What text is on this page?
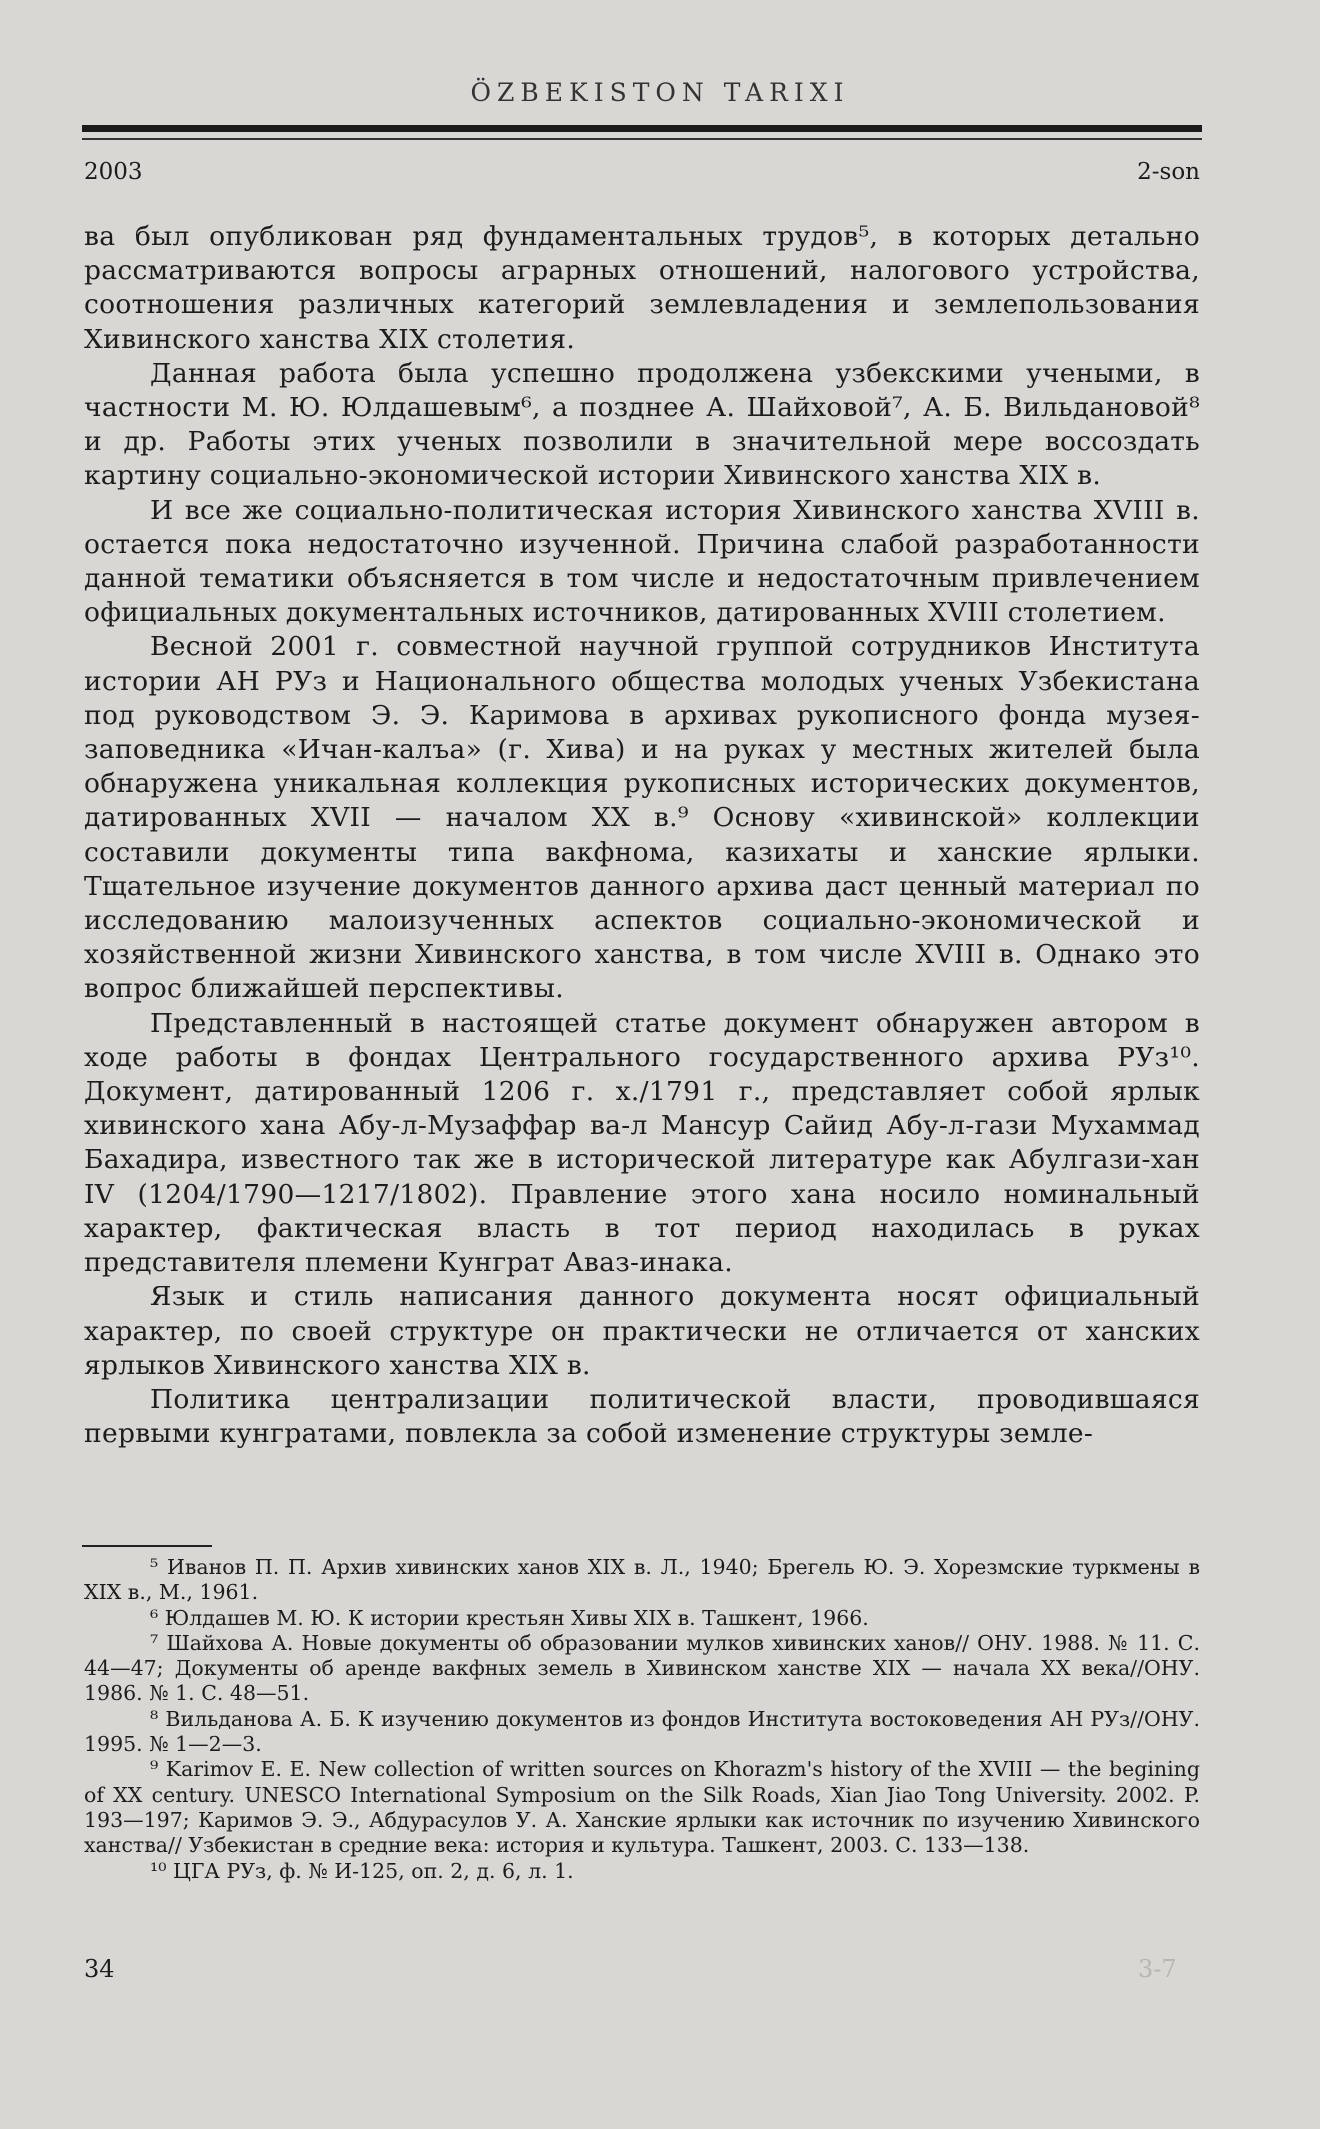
ÖZBEKISTON TARIXI
2003	2-son

ва был опубликован ряд фундаментальных трудов⁵, в которых детально рассматриваются вопросы аграрных отношений, налогового устройства, соотношения различных категорий землевладения и землепользования Хивинского ханства XIX столетия.

Данная работа была успешно продолжена узбекскими учеными, в частности М. Ю. Юлдашевым⁶, а позднее А. Шайховой⁷, А. Б. Вильдановой⁸ и др. Работы этих ученых позволили в значительной мере воссоздать картину социально-экономической истории Хивинского ханства XIX в.

И все же социально-политическая история Хивинского ханства XVIII в. остается пока недостаточно изученной. Причина слабой разработанности данной тематики объясняется в том числе и недостаточным привлечением официальных документальных источников, датированных XVIII столетием.

Весной 2001 г. совместной научной группой сотрудников Института истории АН РУз и Национального общества молодых ученых Узбекистана под руководством Э. Э. Каримова в архивах рукописного фонда музея-заповедника «Ичан-калъа» (г. Хива) и на руках у местных жителей была обнаружена уникальная коллекция рукописных исторических документов, датированных XVII — началом XX в.⁹ Основу «хивинской» коллекции составили документы типа вакфнома, казихаты и ханские ярлыки. Тщательное изучение документов данного архива даст ценный материал по исследованию малоизученных аспектов социально-экономической и хозяйственной жизни Хивинского ханства, в том числе XVIII в. Однако это вопрос ближайшей перспективы.

Представленный в настоящей статье документ обнаружен автором в ходе работы в фондах Центрального государственного архива РУз¹⁰. Документ, датированный 1206 г. х./1791 г., представляет собой ярлык хивинского хана Абу-л-Музаффар ва-л Мансур Сайид Абу-л-гази Мухаммад Бахадира, известного так же в исторической литературе как Абулгази-хан IV (1204/1790—1217/1802). Правление этого хана носило номинальный характер, фактическая власть в тот период находилась в руках представителя племени Кунграт Аваз-инака.

Язык и стиль написания данного документа носят официальный характер, по своей структуре он практически не отличается от ханских ярлыков Хивинского ханства XIX в.

Политика централизации политической власти, проводившаяся первыми кунгратами, повлекла за собой изменение структуры земле-

⁵ Иванов П. П. Архив хивинских ханов XIX в. Л., 1940; Брегель Ю. Э. Хорезмские туркмены в XIX в., М., 1961.

⁶ Юлдашев М. Ю. К истории крестьян Хивы XIX в. Ташкент, 1966.

⁷ Шайхова А. Новые документы об образовании мулков хивинских ханов// ОНУ. 1988. № 11. С. 44—47; Документы об аренде вакфных земель в Хивинском ханстве XIX — начала XX века//ОНУ. 1986. № 1. С. 48—51.

⁸ Вильданова А. Б. К изучению документов из фондов Института востоковедения АН РУз//ОНУ. 1995. № 1—2—3.

⁹ Karimov E. E. New collection of written sources on Khorazm's history of the XVIII — the begining of XX century. UNESCO International Symposium on the Silk Roads, Xian Jiao Tong University. 2002. P. 193—197; Каримов Э. Э., Абдурасулов У. А. Ханские ярлыки как источник по изучению Хивинского ханства// Узбекистан в средние века: история и культура. Ташкент, 2003. С. 133—138.

¹⁰ ЦГА РУз, ф. № И-125, оп. 2, д. 6, л. 1.

34	3-7
